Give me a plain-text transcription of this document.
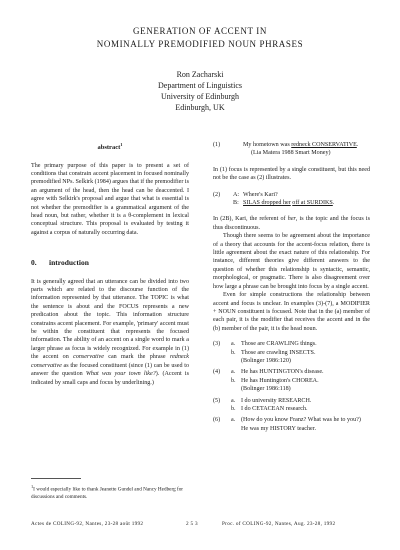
GENERATION OF ACCENT IN
NOMINALLY PREMODIFIED NOUN PHRASES
Ron Zacharski
Department of Linguistics
University of Edinburgh
Edinburgh, UK
abstract$^1$

The primary purpose of this paper is to present a set of conditions that constrain accent placement in focused nominally premodified NPs. Selkirk (1984) argues that if the premodifier is an argument of the head, then the head can be deaccented. I agree with Selkirk's proposal and argue that what is essential is not whether the premodifier is a grammatical argument of the head noun, but rather, whether it is a θ-complement in lexical conceptual structure. This proposal is evaluated by testing it against a corpus of naturally occurring data.

0. introduction

It is generally agreed that an utterance can be divided into two parts which are related to the discourse function of the information represented by that utterance. The TOPIC is what the sentence is about and the FOCUS represents a new predication about the topic. This information structure constrains accent placement. For example, 'primary' accent must be within the constituent that represents the focused information. The ability of an accent on a single word to mark a larger phrase as focus is widely recognized. For example in (1) the accent on conservative can mark the phrase redneck conservative as the focused constituent (since (1) can be used to answer the question What was your town like?). (Accent is indicated by small caps and focus by underlining.)

$^1$I would especially like to thank Jeanette Gundel and Nancy Hedberg for discussions and comments.
(1)	My hometown was redneck CONSERVATIVE.
(Lia Matera 1988 Smart Money)

In (1) focus is represented by a single constituent, but this need not be the case as (2) illustrates.

(2)	A: Where's Kari?
B: SILAS dropped her off at SURDIKS.

In (2B), Kari, the referent of her, is the topic and the focus is thus discontinuous.

Though there seems to be agreement about the importance of a theory that accounts for the accent-focus relation, there is little agreement about the exact nature of this relationship. For instance, different theories give different answers to the question of whether this relationship is syntactic, semantic, morphological, or pragmatic. There is also disagreement over how large a phrase can be brought into focus by a single accent.

Even for simple constructions the relationship between accent and focus is unclear. In examples (3)-(7), a MODIFIER + NOUN constituent is focused. Note that in the (a) member of each pair, it is the modifier that receives the accent and in the (b) member of the pair, it is the head noun.

(3) a. Those are CRAWLING things.
b. Those are crawling INSECTS.
(Bolinger 1986:120)
(4) a. He has HUNTINGTON's disease.
b. He has Huntington's CHOREA.
(Bolinger 1986:118)
(5) a. I do university RESEARCH.
b. I do CETACEAN research.
(6) a. (How do you know Franz? What was he to you?)
He was my HISTORY teacher.
Actes de COLING-92, Nantes, 23-28 août 1992	2 5 3	Proc. of COLING-92, Nantes, Aug. 23-28, 1992
